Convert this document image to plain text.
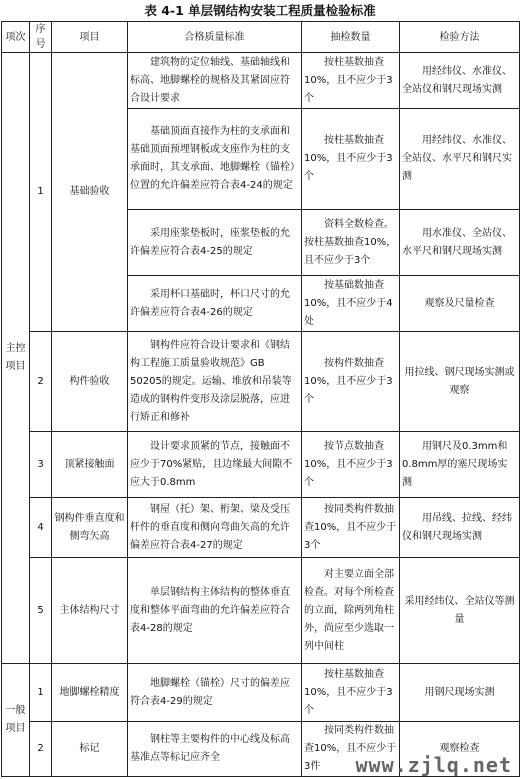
表 4-1 单层钢结构安装工程质量检验标准
项次	序号	项目	合格质量标准	抽检数量	检验方法
主控项目	1	基础验收	建筑物的定位轴线、基础轴线和标高、地脚螺栓的规格及其紧固应符合设计要求	按柱基数抽查10%，且不应少于3个	用经纬仪、水准仪、全站仪和钢尺现场实测
			基础顶面直接作为柱的支承面和基础顶面预埋钢板或支座作为柱的支承面时，其支承面、地脚螺栓（锚栓）位置的允许偏差应符合表4-24的规定	按柱基数抽查10%，且不应少于3个	用经纬仪、水准仪、全站仪、水平尺和钢尺实测
			采用座浆垫板时，座浆垫板的允许偏差应符合表4-25的规定	资料全数检查。按柱基数抽查10%，且不应少于3个	用水准仪、全站仪、水平尺和钢尺现场实测
			采用杯口基础时，杯口尺寸的允许偏差应符合表4-26的规定	按基础数抽查10%，且不应少于4处	观察及尺量检查
	2	构件验收	钢构件应符合设计要求和《钢结构工程施工质量验收规范》GB 50205的规定。运输、堆放和吊装等造成的钢构件变形及涂层脱落，应进行矫正和修补	按构件数抽查10%，且不应少于3个	用拉线、钢尺现场实测或观察
	3	顶紧接触面	设计要求顶紧的节点，接触面不应少于70%紧贴，且边缘最大间隙不应大于0.8mm	按节点数抽查10%，且不应少于3个	用钢尺及0.3mm和0.8mm厚的塞尺现场实测
	4	钢构件垂直度和侧弯矢高	钢屋（托）架、桁架、梁及受压杆件的垂直度和侧向弯曲矢高的允许偏差应符合表4-27的规定	按同类构件数抽查10%，且不应少于3个	用吊线、拉线、经纬仪和钢尺现场实测
	5	主体结构尺寸	单层钢结构主体结构的整体垂直度和整体平面弯曲的允许偏差应符合表4-28的规定	对主要立面全部检查。对每个所检查的立面，除两列角柱外，尚应至少选取一列中间柱	采用经纬仪、全站仪等测量
一般项目	1	地脚螺栓精度	地脚螺栓（锚栓）尺寸的偏差应符合表4-29的规定	按柱基数抽查10%，且不应少于3个	用钢尺现场实测
	2	标记	钢柱等主要构件的中心线及标高基准点等标记应齐全	按同类构件数抽查10%，且不应少于3件	观察检查
www.zjlq.net
